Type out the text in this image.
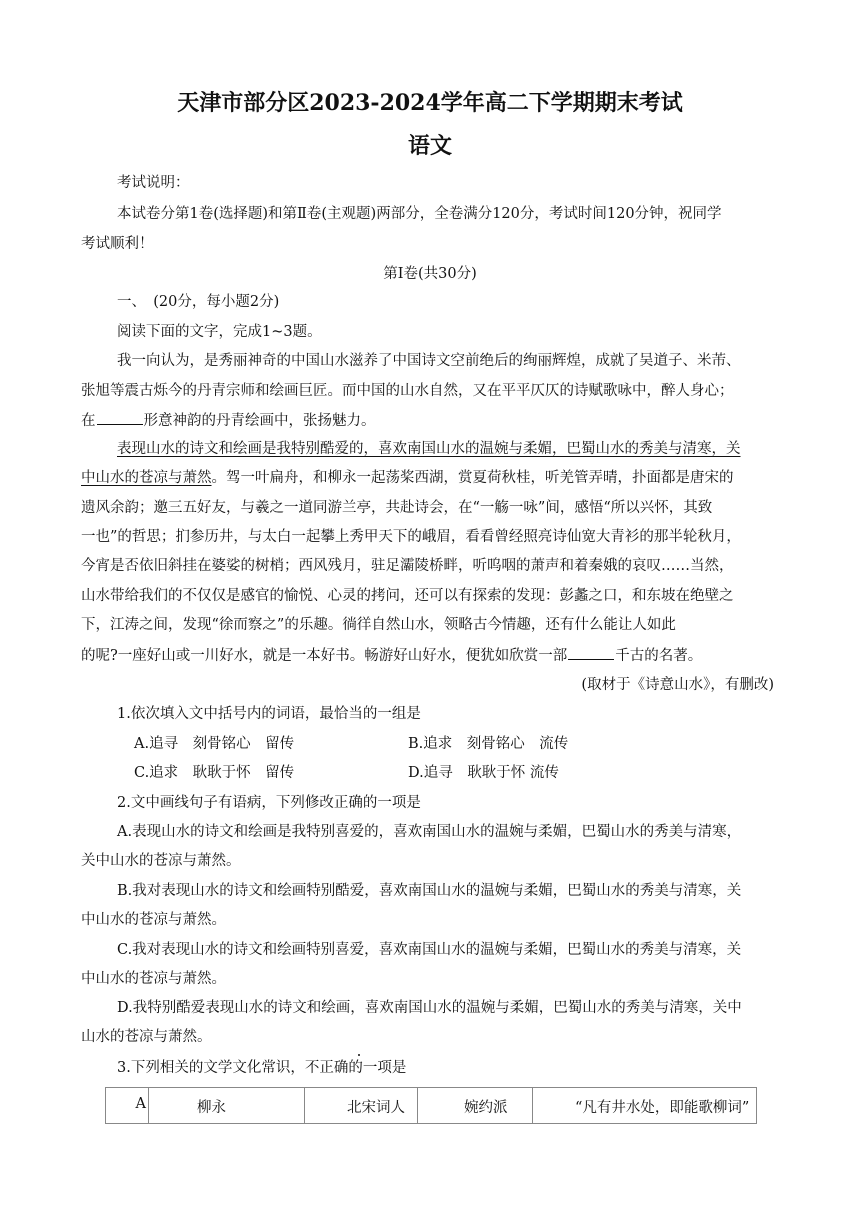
天津市部分区2023-2024学年高二下学期期末考试
语文
考试说明：
本试卷分第1卷(选择题)和第Ⅱ卷(主观题)两部分，全卷满分120分，考试时间120分钟，祝同学
考试顺利！
第Ⅰ卷(共30分)
一、　(20分，每小题2分)
阅读下面的文字，完成1~3题。
我一向认为，是秀丽神奇的中国山水滋养了中国诗文空前绝后的绚丽辉煌，成就了吴道子、米芾、
张旭等震古烁今的丹青宗师和绘画巨匠。而中国的山水自然，又在平平仄仄的诗赋歌咏中，醉人身心；
在	形意神韵的丹青绘画中，张扬魅力。
表现山水的诗文和绘画是我特别酷爱的，喜欢南国山水的温婉与柔媚，巴蜀山水的秀美与清寒，关
中山水的苍凉与萧然。驾一叶扁舟，和柳永一起荡桨西湖，赏夏荷秋桂，听羌管弄晴，扑面都是唐宋的
遗风余韵；邀三五好友，与羲之一道同游兰亭，共赴诗会，在“一觞一咏”间，感悟“所以兴怀，其致
一也”的哲思；扪参历井，与太白一起攀上秀甲天下的峨眉，看看曾经照亮诗仙宽大青衫的那半轮秋月，
今宵是否依旧斜挂在婆娑的树梢；西风残月，驻足灞陵桥畔，听呜咽的萧声和着秦娥的哀叹……当然，
山水带给我们的不仅仅是感官的愉悦、心灵的拷问，还可以有探索的发现：彭蠡之口，和东坡在绝壁之
下，江涛之间，发现“徐而察之”的乐趣。徜徉自然山水，领略古今情趣，还有什么能让人如此
的呢?一座好山或一川好水，就是一本好书。畅游好山好水，便犹如欣赏一部	千古的名著。
(取材于《诗意山水》，有删改)
1.依次填入文中括号内的词语，最恰当的一组是
A.追寻　刻骨铭心　留传	B.追求　刻骨铭心　流传
C.追求　耿耿于怀　留传	D.追寻　耿耿于怀 流传
2.文中画线句子有语病，下列修改正确的一项是
A.表现山水的诗文和绘画是我特别喜爱的，喜欢南国山水的温婉与柔媚，巴蜀山水的秀美与清寒，
关中山水的苍凉与萧然。
B.我对表现山水的诗文和绘画特别酷爱，喜欢南国山水的温婉与柔媚，巴蜀山水的秀美与清寒，关
中山水的苍凉与萧然。
C.我对表现山水的诗文和绘画特别喜爱，喜欢南国山水的温婉与柔媚，巴蜀山水的秀美与清寒，关
中山水的苍凉与萧然。
D.我特别酷爱表现山水的诗文和绘画，喜欢南国山水的温婉与柔媚，巴蜀山水的秀美与清寒，关中
山水的苍凉与萧然。
3.下列相关的文学文化常识，不正确的一项是
A	柳永	北宋词人	婉约派	“凡有井水处，即能歌柳词”
